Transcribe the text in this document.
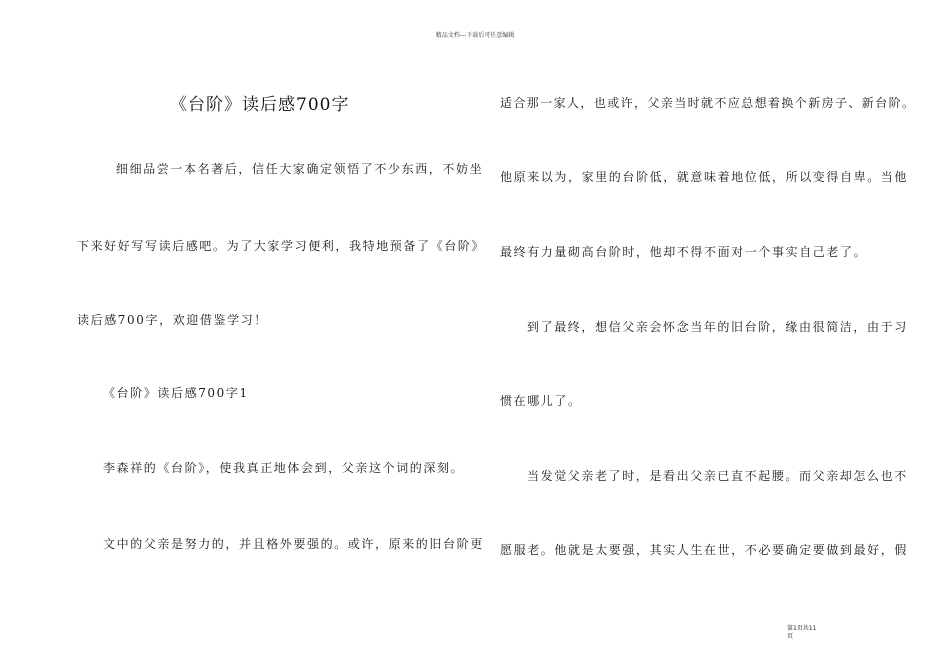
精品文档---下载后可任意编辑
《台阶》读后感700字
细细品尝一本名著后，信任大家确定领悟了不少东西，不妨坐
下来好好写写读后感吧。为了大家学习便利，我特地预备了《台阶》
读后感700字，欢迎借鉴学习！
《台阶》读后感700字1
李森祥的《台阶》，使我真正地体会到，父亲这个词的深刻。
文中的父亲是努力的，并且格外要强的。或许，原来的旧台阶更
适合那一家人，也或许，父亲当时就不应总想着换个新房子、新台阶。
他原来以为，家里的台阶低，就意味着地位低，所以变得自卑。当他
最终有力量砌高台阶时，他却不得不面对一个事实自己老了。
到了最终，想信父亲会怀念当年的旧台阶，缘由很简洁，由于习
惯在哪儿了。
当发觉父亲老了时，是看出父亲已直不起腰。而父亲却怎么也不
愿服老。他就是太要强，其实人生在世，不必要确定要做到最好，假
第1页共11
页
